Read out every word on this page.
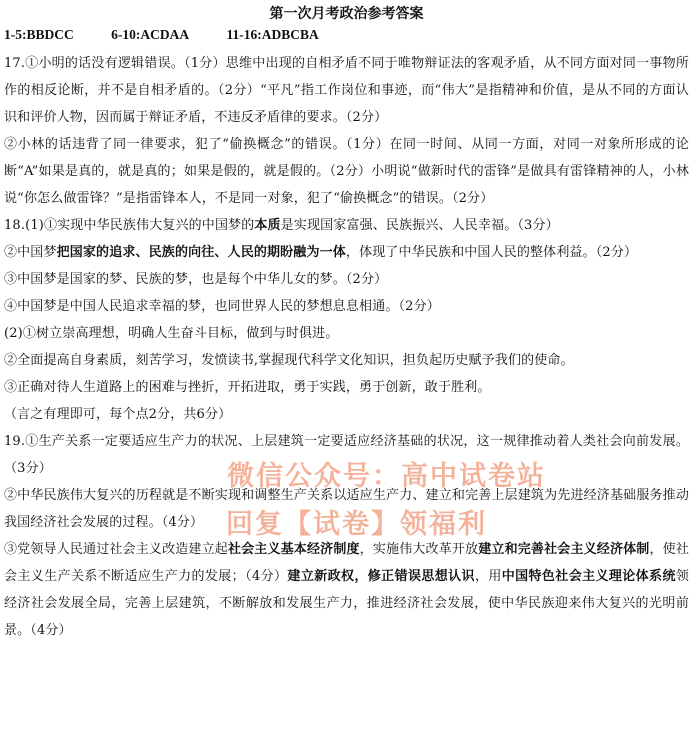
第一次月考政治参考答案
1-5:BBDCC	6-10:ACDAA	11-16:ADBCBA

17.①小明的话没有逻辑错误。（1分）思维中出现的自相矛盾不同于唯物辩证法的客观矛盾，从不同方面对同一事物所作的相反论断，并不是自相矛盾的。（2分）“平凡”指工作岗位和事迹，而“伟大”是指精神和价值，是从不同的方面认识和评价人物，因而属于辩证矛盾，不违反矛盾律的要求。（2分）

②小林的话违背了同一律要求，犯了“偷换概念”的错误。（1分）在同一时间、从同一方面，对同一对象所形成的论断“A”如果是真的，就是真的；如果是假的，就是假的。（2分）小明说“做新时代的雷锋”是做具有雷锋精神的人，小林说“你怎么做雷锋？”是指雷锋本人，不是同一对象，犯了“偷换概念”的错误。（2分）

18.(1)①实现中华民族伟大复兴的中国梦的本质是实现国家富强、民族振兴、人民幸福。（3分）

②中国梦把国家的追求、民族的向往、人民的期盼融为一体，体现了中华民族和中国人民的整体利益。（2分）

③中国梦是国家的梦、民族的梦，也是每个中华儿女的梦。（2分）

④中国梦是中国人民追求幸福的梦，也同世界人民的梦想息息相通。（2分）

(2)①树立崇高理想，明确人生奋斗目标，做到与时俱进。

②全面提高自身素质，刻苦学习，发愤读书,掌握现代科学文化知识，担负起历史赋予我们的使命。

③正确对待人生道路上的困难与挫折，开拓进取，勇于实践，勇于创新，敢于胜利。

（言之有理即可，每个点2分，共6分）

19.①生产关系一定要适应生产力的状况、上层建筑一定要适应经济基础的状况，这一规律推动着人类社会向前发展。（3分）

②中华民族伟大复兴的历程就是不断实现和调整生产关系以适应生产力、建立和完善上层建筑为先进经济基础服务推动我国经济社会发展的过程。（4分）

③党领导人民通过社会主义改造建立起社会主义基本经济制度，实施伟大改革开放建立和完善社会主义经济体制，使社会主义生产关系不断适应生产力的发展；（4分）建立新政权，修正错误思想认识，用中国特色社会主义理论体系统领经济社会发展全局，完善上层建筑，不断解放和发展生产力，推进经济社会发展，使中华民族迎来伟大复兴的光明前景。（4分）

微信公众号：高中试卷站
回复【试卷】领福利
